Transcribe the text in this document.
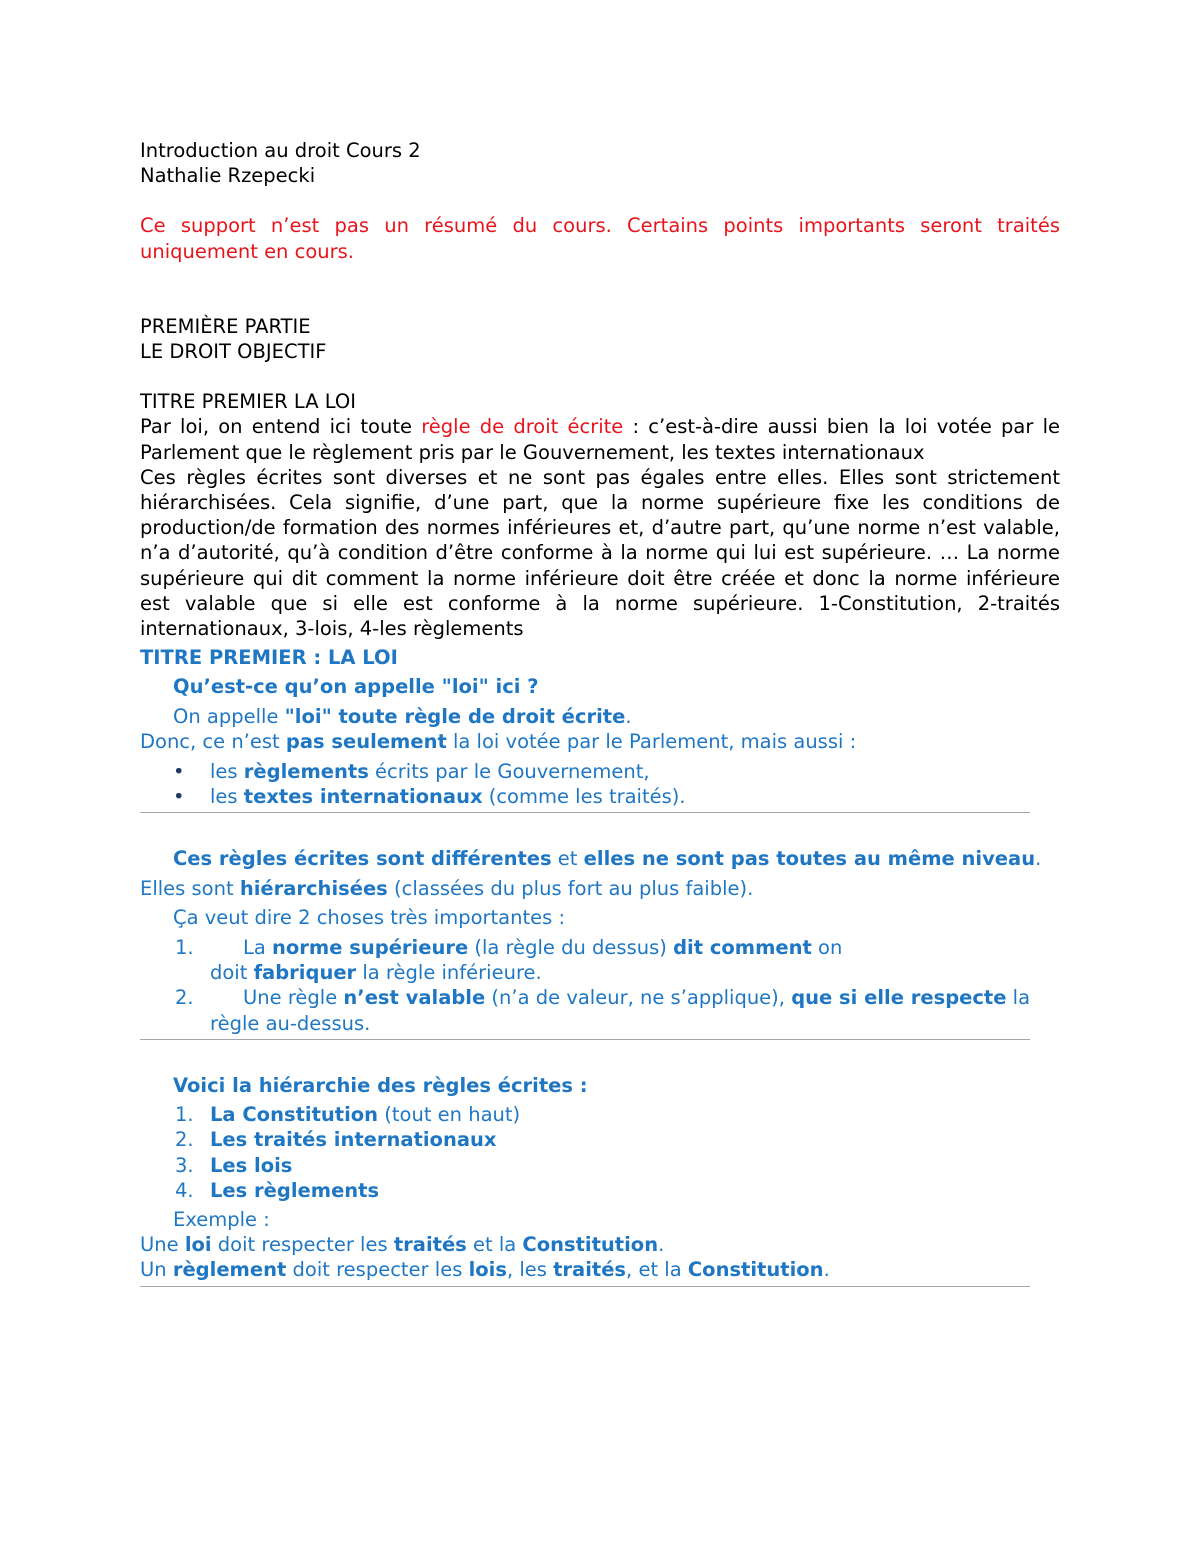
Introduction au droit Cours 2

Nathalie Rzepecki

Ce support n’est pas un résumé du cours. Certains points importants seront traités uniquement en cours.

PREMIÈRE PARTIE

LE DROIT OBJECTIF

TITRE PREMIER LA LOI

Par loi, on entend ici toute règle de droit écrite : c’est-à-dire aussi bien la loi votée par le Parlement que le règlement pris par le Gouvernement, les textes internationaux

Ces règles écrites sont diverses et ne sont pas égales entre elles. Elles sont strictement hiérarchisées. Cela signifie, d’une part, que la norme supérieure fixe les conditions de production/de formation des normes inférieures et, d’autre part, qu’une norme n’est valable, n’a d’autorité, qu’à condition d’être conforme à la norme qui lui est supérieure. … La norme supérieure qui dit comment la norme inférieure doit être créée et donc la norme inférieure est valable que si elle est conforme à la norme supérieure. 1-Constitution, 2-traités internationaux, 3-lois, 4-les règlements

TITRE PREMIER : LA LOI

Qu’est-ce qu’on appelle "loi" ici ?

On appelle "loi" toute règle de droit écrite.

Donc, ce n’est pas seulement la loi votée par le Parlement, mais aussi :

• les règlements écrits par le Gouvernement,
• les textes internationaux (comme les traités).

Ces règles écrites sont différentes et elles ne sont pas toutes au même niveau.

Elles sont hiérarchisées (classées du plus fort au plus faible).

Ça veut dire 2 choses très importantes :

1.	La norme supérieure (la règle du dessus) dit comment on
doit fabriquer la règle inférieure.
2.	Une règle n’est valable (n’a de valeur, ne s’applique), que si elle respecte la règle au-dessus.

Voici la hiérarchie des règles écrites :

1. La Constitution (tout en haut)
2. Les traités internationaux
3. Les lois
4. Les règlements

Exemple :

Une loi doit respecter les traités et la Constitution.

Un règlement doit respecter les lois, les traités, et la Constitution.
